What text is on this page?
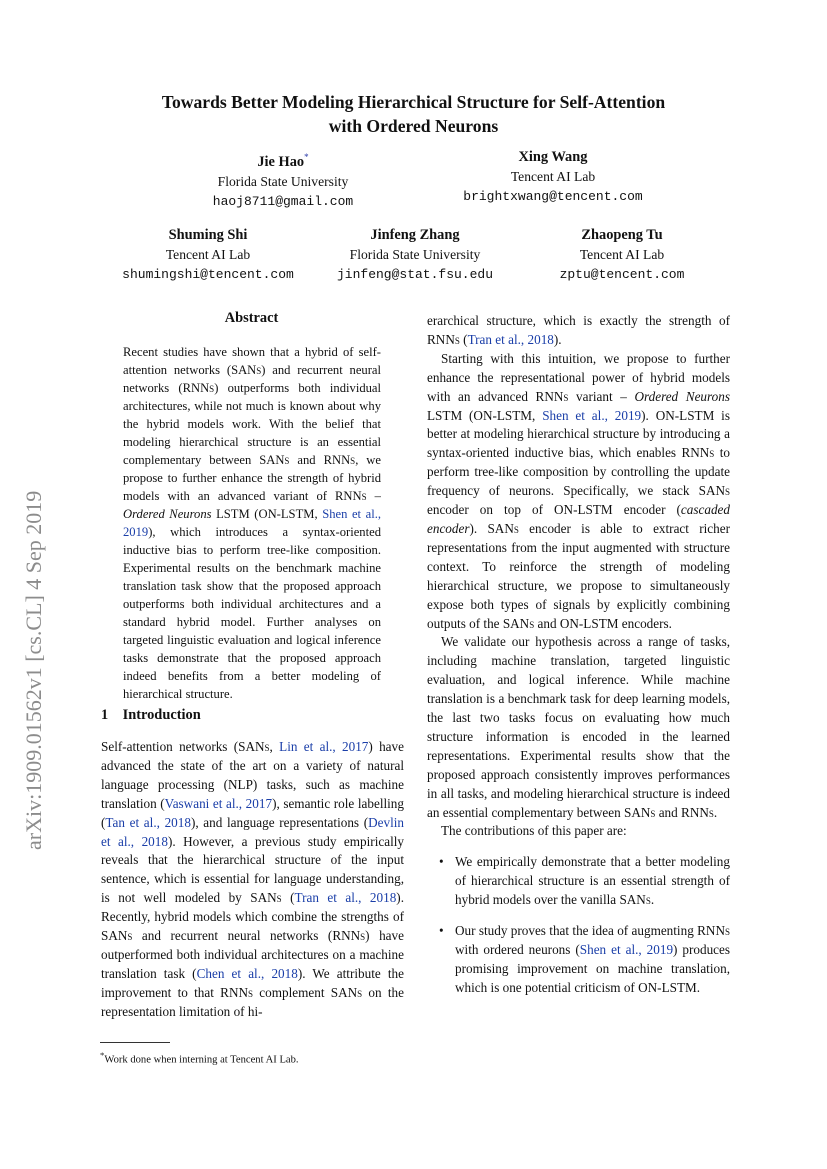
arXiv:1909.01562v1 [cs.CL] 4 Sep 2019
Towards Better Modeling Hierarchical Structure for Self-Attention
with Ordered Neurons
Jie Hao*
Florida State University
haoj8711@gmail.com
Xing Wang
Tencent AI Lab
brightxwang@tencent.com
Shuming Shi
Tencent AI Lab
shumingshi@tencent.com
Jinfeng Zhang
Florida State University
jinfeng@stat.fsu.edu
Zhaopeng Tu
Tencent AI Lab
zptu@tencent.com
Abstract
Recent studies have shown that a hybrid of self-attention networks (SANs) and recurrent neural networks (RNNs) outperforms both individual architectures, while not much is known about why the hybrid models work. With the belief that modeling hierarchical structure is an essential complementary between SANs and RNNs, we propose to further enhance the strength of hybrid models with an advanced variant of RNNs – Ordered Neurons LSTM (ON-LSTM, Shen et al., 2019), which introduces a syntax-oriented inductive bias to perform tree-like composition. Experimental results on the benchmark machine translation task show that the proposed approach outperforms both individual architectures and a standard hybrid model. Further analyses on targeted linguistic evaluation and logical inference tasks demonstrate that the proposed approach indeed benefits from a better modeling of hierarchical structure.
1 Introduction

Self-attention networks (SANs, Lin et al., 2017) have advanced the state of the art on a variety of natural language processing (NLP) tasks, such as machine translation (Vaswani et al., 2017), semantic role labelling (Tan et al., 2018), and language representations (Devlin et al., 2018). However, a previous study empirically reveals that the hierarchical structure of the input sentence, which is essential for language understanding, is not well modeled by SANs (Tran et al., 2018). Recently, hybrid models which combine the strengths of SANs and recurrent neural networks (RNNs) have outperformed both individual architectures on a machine translation task (Chen et al., 2018). We attribute the improvement to that RNNs complement SANs on the representation limitation of hi-

*Work done when interning at Tencent AI Lab.

erarchical structure, which is exactly the strength of RNNs (Tran et al., 2018).

Starting with this intuition, we propose to further enhance the representational power of hybrid models with an advanced RNNs variant – Ordered Neurons LSTM (ON-LSTM, Shen et al., 2019). ON-LSTM is better at modeling hierarchical structure by introducing a syntax-oriented inductive bias, which enables RNNs to perform tree-like composition by controlling the update frequency of neurons. Specifically, we stack SANs encoder on top of ON-LSTM encoder (cascaded encoder). SANs encoder is able to extract richer representations from the input augmented with structure context. To reinforce the strength of modeling hierarchical structure, we propose to simultaneously expose both types of signals by explicitly combining outputs of the SANs and ON-LSTM encoders.

We validate our hypothesis across a range of tasks, including machine translation, targeted linguistic evaluation, and logical inference. While machine translation is a benchmark task for deep learning models, the last two tasks focus on evaluating how much structure information is encoded in the learned representations. Experimental results show that the proposed approach consistently improves performances in all tasks, and modeling hierarchical structure is indeed an essential complementary between SANs and RNNs.

The contributions of this paper are:

• We empirically demonstrate that a better modeling of hierarchical structure is an essential strength of hybrid models over the vanilla SANs.
• Our study proves that the idea of augmenting RNNs with ordered neurons (Shen et al., 2019) produces promising improvement on machine translation, which is one potential criticism of ON-LSTM.
